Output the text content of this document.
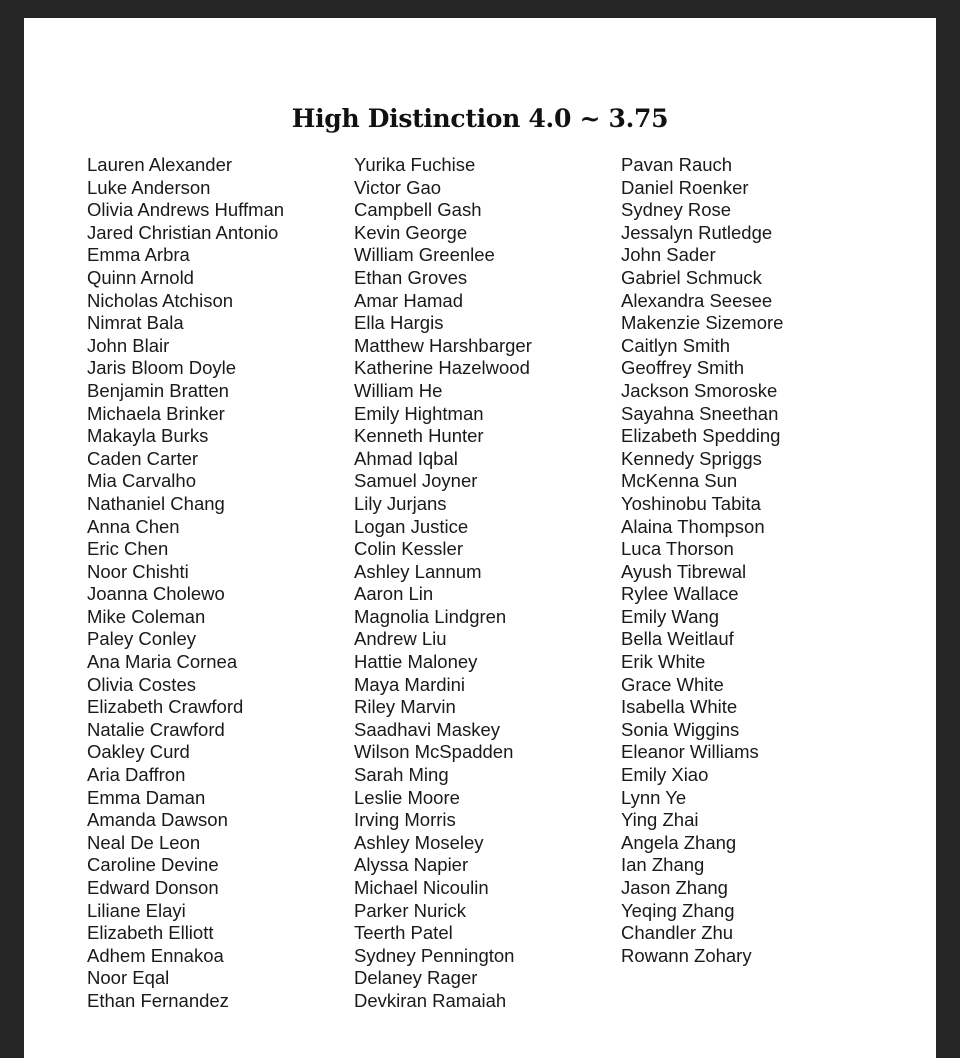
High Distinction 4.0 ~ 3.75
Lauren Alexander
Luke Anderson
Olivia Andrews Huffman
Jared Christian Antonio
Emma Arbra
Quinn Arnold
Nicholas Atchison
Nimrat Bala
John Blair
Jaris Bloom Doyle
Benjamin Bratten
Michaela Brinker
Makayla Burks
Caden Carter
Mia Carvalho
Nathaniel Chang
Anna Chen
Eric Chen
Noor Chishti
Joanna Cholewo
Mike Coleman
Paley Conley
Ana Maria Cornea
Olivia Costes
Elizabeth Crawford
Natalie Crawford
Oakley Curd
Aria Daffron
Emma Daman
Amanda Dawson
Neal De Leon
Caroline Devine
Edward Donson
Liliane Elayi
Elizabeth Elliott
Adhem Ennakoa
Noor Eqal
Ethan Fernandez
Yurika Fuchise
Victor Gao
Campbell Gash
Kevin George
William Greenlee
Ethan Groves
Amar Hamad
Ella Hargis
Matthew Harshbarger
Katherine Hazelwood
William He
Emily Hightman
Kenneth Hunter
Ahmad Iqbal
Samuel Joyner
Lily Jurjans
Logan Justice
Colin Kessler
Ashley Lannum
Aaron Lin
Magnolia Lindgren
Andrew Liu
Hattie Maloney
Maya Mardini
Riley Marvin
Saadhavi Maskey
Wilson McSpadden
Sarah Ming
Leslie Moore
Irving Morris
Ashley Moseley
Alyssa Napier
Michael Nicoulin
Parker Nurick
Teerth Patel
Sydney Pennington
Delaney Rager
Devkiran Ramaiah
Pavan Rauch
Daniel Roenker
Sydney Rose
Jessalyn Rutledge
John Sader
Gabriel Schmuck
Alexandra Seesee
Makenzie Sizemore
Caitlyn Smith
Geoffrey Smith
Jackson Smoroske
Sayahna Sneethan
Elizabeth Spedding
Kennedy Spriggs
McKenna Sun
Yoshinobu Tabita
Alaina Thompson
Luca Thorson
Ayush Tibrewal
Rylee Wallace
Emily Wang
Bella Weitlauf
Erik White
Grace White
Isabella White
Sonia Wiggins
Eleanor Williams
Emily Xiao
Lynn Ye
Ying Zhai
Angela Zhang
Ian Zhang
Jason Zhang
Yeqing Zhang
Chandler Zhu
Rowann Zohary
